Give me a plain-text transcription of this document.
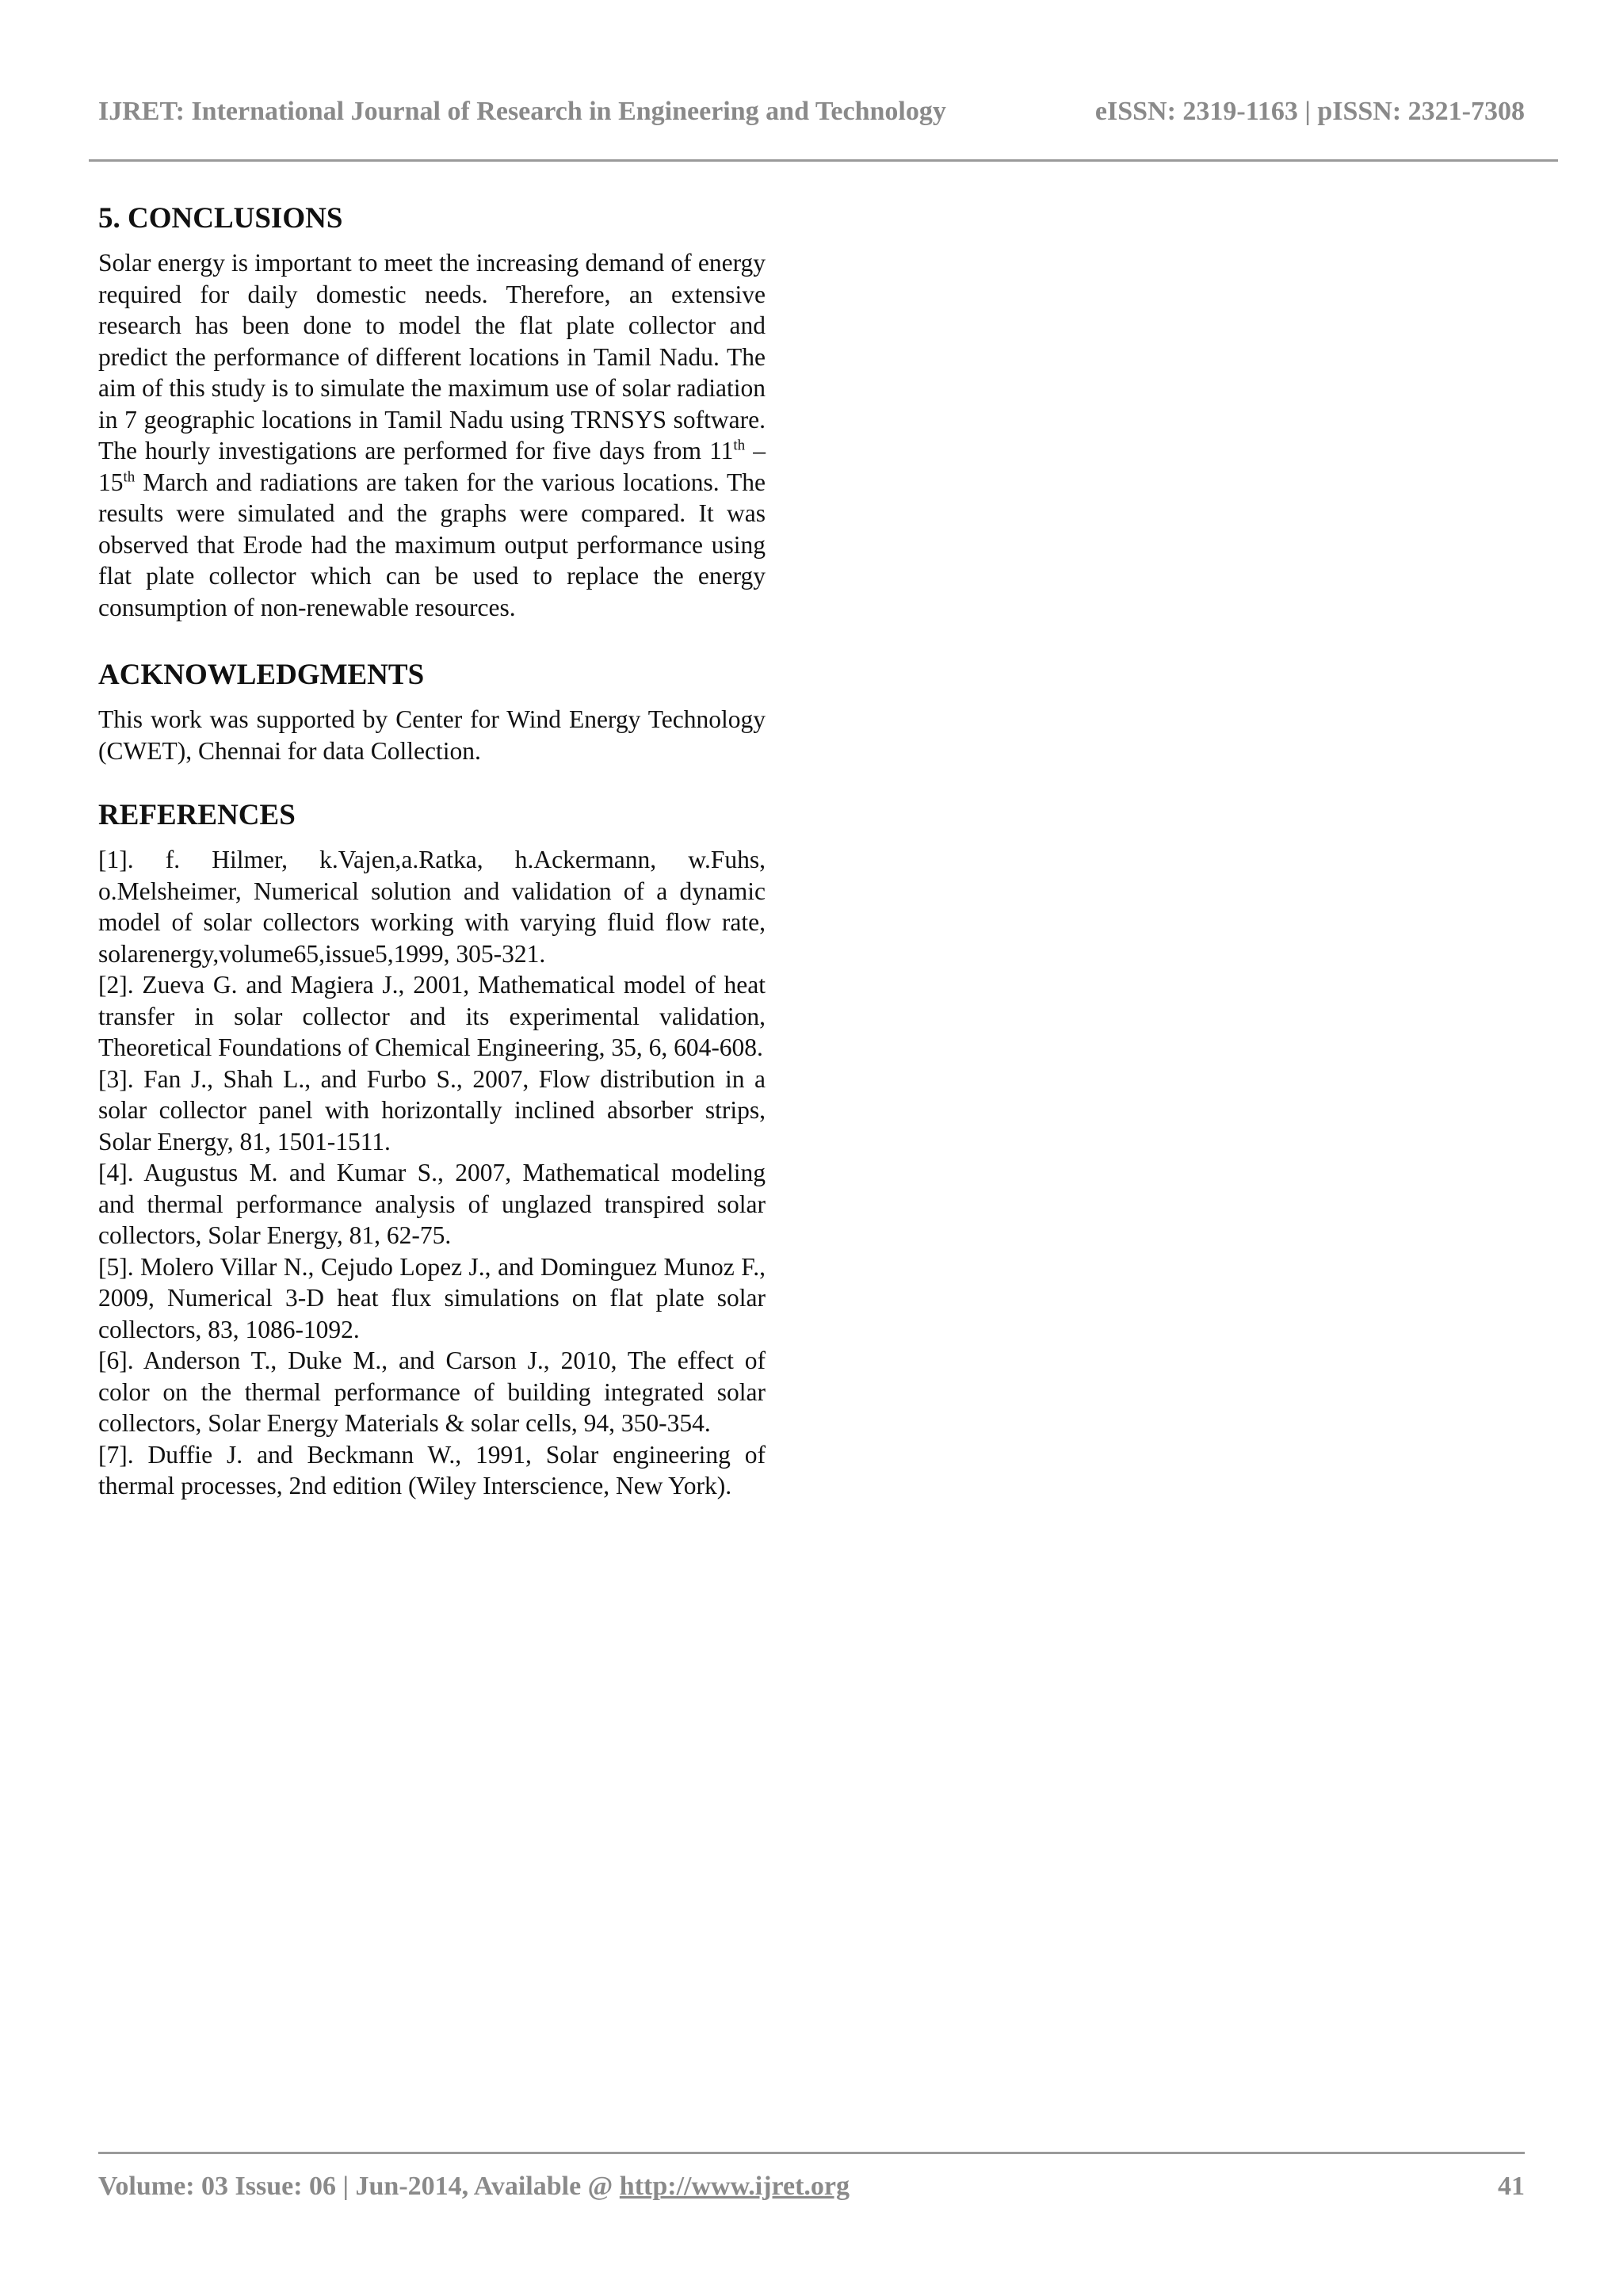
IJRET: International Journal of Research in Engineering and Technology	eISSN: 2319-1163 | pISSN: 2321-7308
5. CONCLUSIONS

Solar energy is important to meet the increasing demand of energy required for daily domestic needs. Therefore, an extensive research has been done to model the flat plate collector and predict the performance of different locations in Tamil Nadu. The aim of this study is to simulate the maximum use of solar radiation in 7 geographic locations in Tamil Nadu using TRNSYS software. The hourly investigations are performed for five days from 11th – 15th March and radiations are taken for the various locations. The results were simulated and the graphs were compared. It was observed that Erode had the maximum output performance using flat plate collector which can be used to replace the energy consumption of non-renewable resources.

ACKNOWLEDGMENTS

This work was supported by Center for Wind Energy Technology (CWET), Chennai for data Collection.

REFERENCES

[1]. f. Hilmer, k.Vajen,a.Ratka, h.Ackermann, w.Fuhs, o.Melsheimer, Numerical solution and validation of a dynamic model of solar collectors working with varying fluid flow rate, solarenergy,volume65,issue5,1999, 305-321.

[2]. Zueva G. and Magiera J., 2001, Mathematical model of heat transfer in solar collector and its experimental validation, Theoretical Foundations of Chemical Engineering, 35, 6, 604-608.

[3]. Fan J., Shah L., and Furbo S., 2007, Flow distribution in a solar collector panel with horizontally inclined absorber strips, Solar Energy, 81, 1501-1511.

[4]. Augustus M. and Kumar S., 2007, Mathematical modeling and thermal performance analysis of unglazed transpired solar collectors, Solar Energy, 81, 62-75.

[5]. Molero Villar N., Cejudo Lopez J., and Dominguez Munoz F., 2009, Numerical 3-D heat flux simulations on flat plate solar collectors, 83, 1086-1092.

[6]. Anderson T., Duke M., and Carson J., 2010, The effect of color on the thermal performance of building integrated solar collectors, Solar Energy Materials & solar cells, 94, 350-354.

[7]. Duffie J. and Beckmann W., 1991, Solar engineering of thermal processes, 2nd edition (Wiley Interscience, New York).

Volume: 03 Issue: 06 | Jun-2014, Available @ http://www.ijret.org	41
